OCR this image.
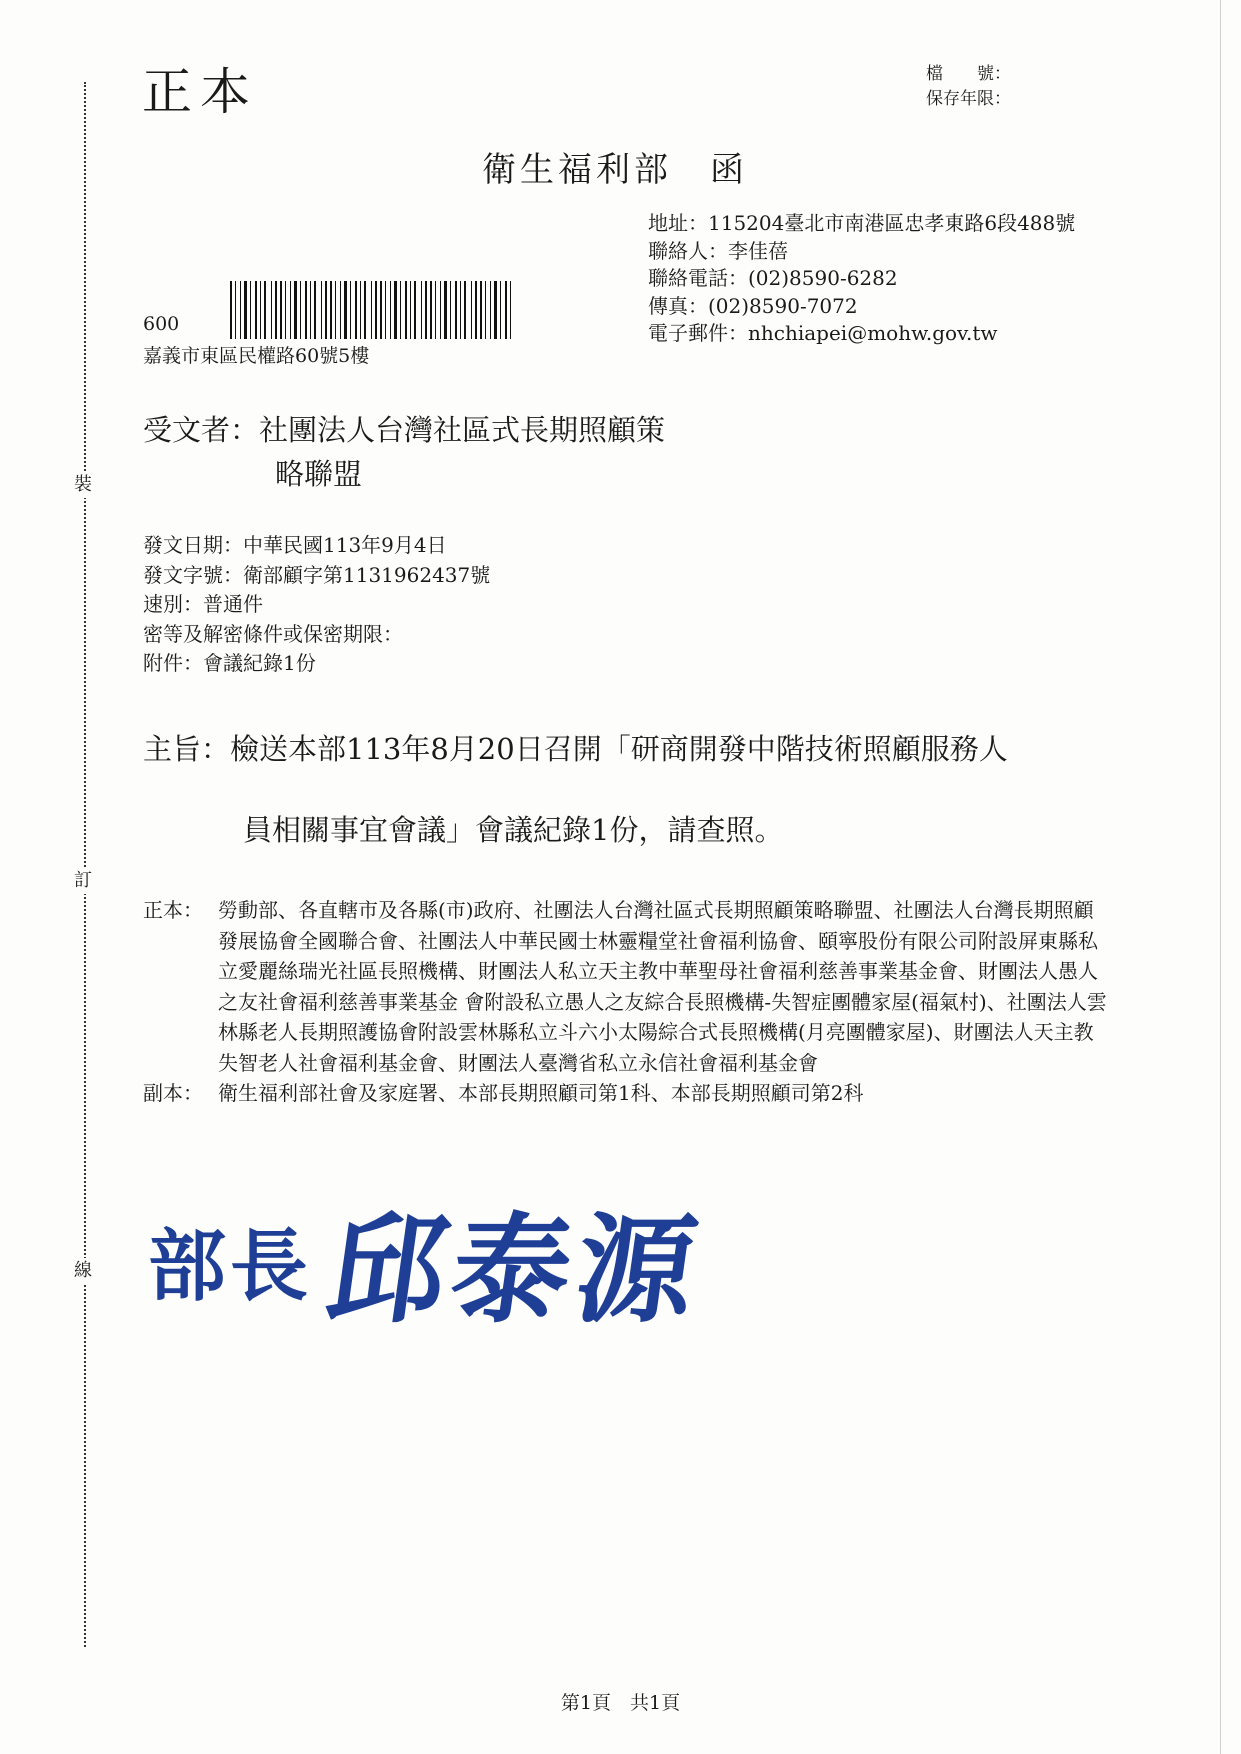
裝
訂
線
正本	檔　　號：
保存年限：
衛生福利部　函
地址：115204臺北市南港區忠孝東路6段488號
聯絡人：李佳蓓
聯絡電話：(02)8590-6282
傳真：(02)8590-7072
電子郵件：nhchiapei@mohw.gov.tw
600
嘉義市東區民權路60號5樓
受文者：社團法人台灣社區式長期照顧策
略聯盟
發文日期：中華民國113年9月4日
發文字號：衛部顧字第1131962437號
速別：普通件
密等及解密條件或保密期限：
附件：會議紀錄1份
主旨：檢送本部113年8月20日召開「研商開發中階技術照顧服務人
員相關事宜會議」會議紀錄1份，請查照。
正本： 勞動部、各直轄市及各縣(市)政府、社團法人台灣社區式長期照顧策略聯盟、社團法人台灣長期照顧發展協會全國聯合會、社團法人中華民國士林靈糧堂社會福利協會、頤寧股份有限公司附設屏東縣私立愛麗絲瑞光社區長照機構、財團法人私立天主教中華聖母社會福利慈善事業基金會、財團法人愚人之友社會福利慈善事業基金 會附設私立愚人之友綜合長照機構-失智症團體家屋(福氣村)、社團法人雲林縣老人長期照護協會附設雲林縣私立斗六小太陽綜合式長照機構(月亮團體家屋)、財團法人天主教失智老人社會福利基金會、財團法人臺灣省私立永信社會福利基金會
副本： 衛生福利部社會及家庭署、本部長期照顧司第1科、本部長期照顧司第2科
部長 邱泰源
第1頁　共1頁
